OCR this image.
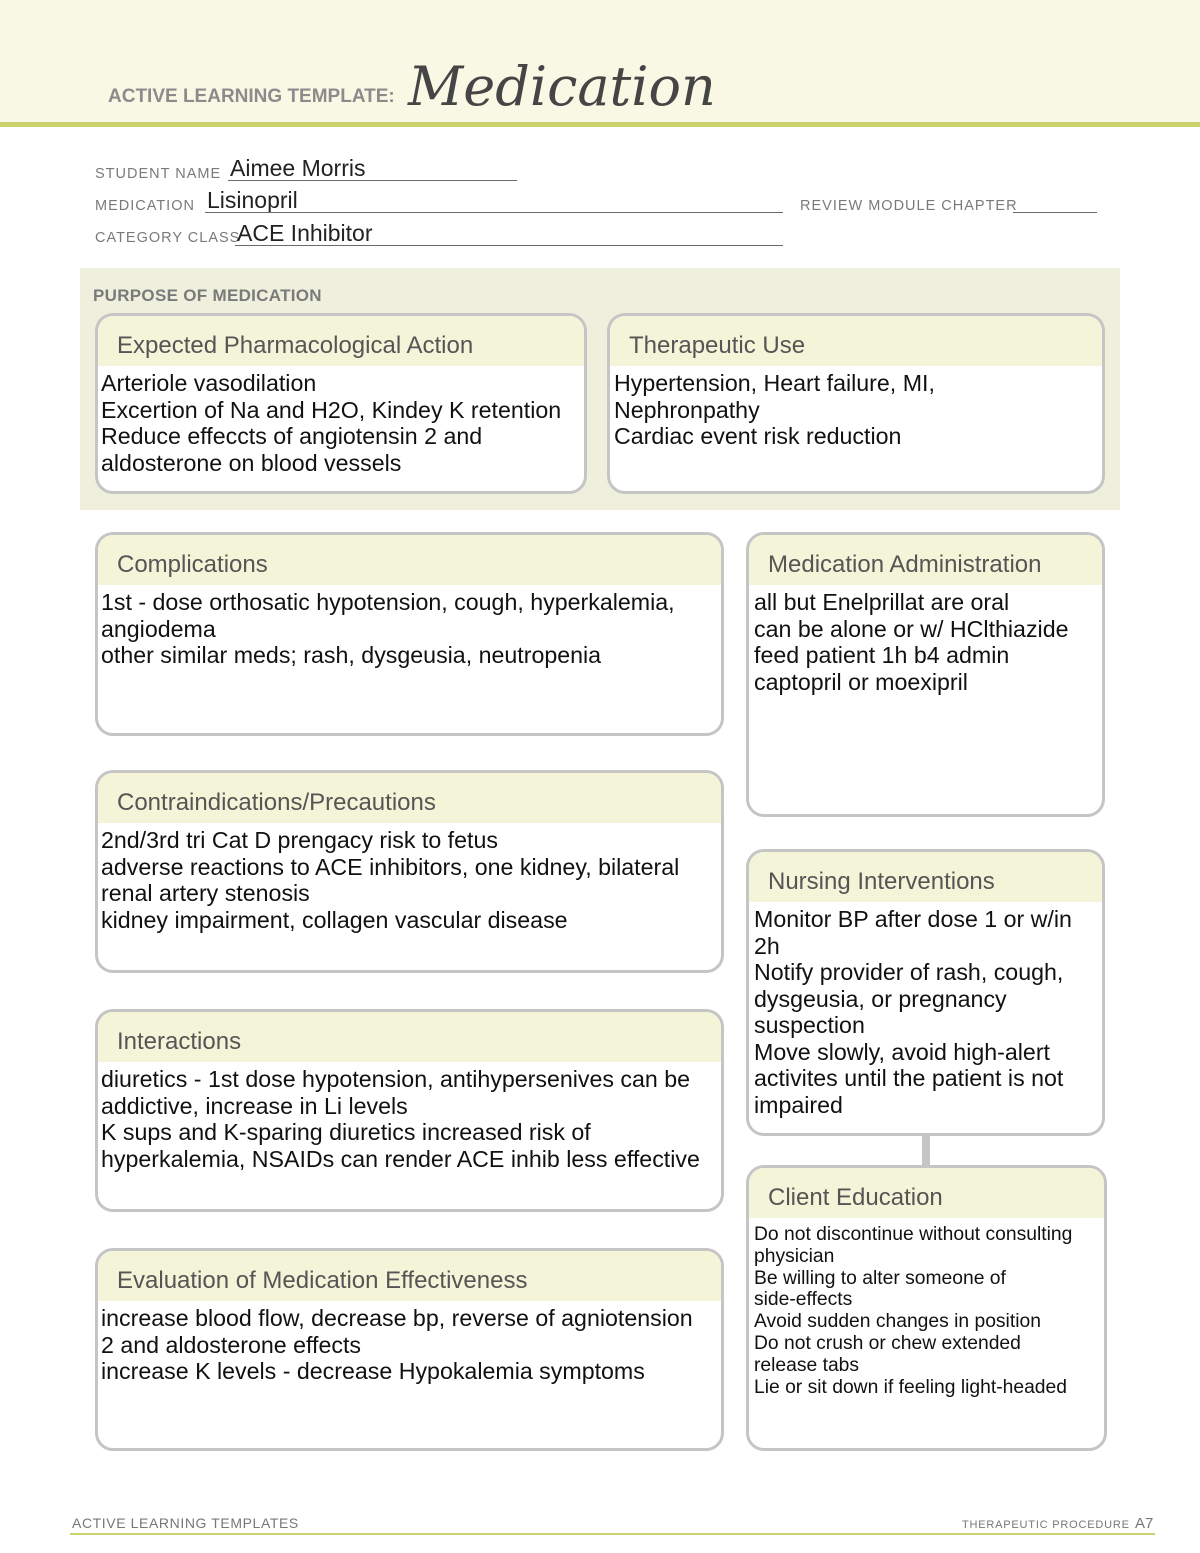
ACTIVE LEARNING TEMPLATE: Medication
STUDENT NAME Aimee Morris
MEDICATION Lisinopril	REVIEW MODULE CHAPTER
CATEGORY CLASS
ACE Inhibitor
PURPOSE OF MEDICATION
Expected Pharmacological Action
Arteriole vasodilation
Excertion of Na and H2O, Kindey K retention
Reduce effeccts of angiotensin 2 and
aldosterone on blood vessels
Therapeutic Use
Hypertension, Heart failure, MI,
Nephronpathy
Cardiac event risk reduction
Complications
1st - dose orthosatic hypotension, cough, hyperkalemia,
angiodema
other similar meds; rash, dysgeusia, neutropenia
Medication Administration
all but Enelprillat are oral
can be alone or w/ HClthiazide
feed patient 1h b4 admin
captopril or moexipril
Contraindications/Precautions
2nd/3rd tri Cat D prengacy risk to fetus
adverse reactions to ACE inhibitors, one kidney, bilateral
renal artery stenosis
kidney impairment, collagen vascular disease
Nursing Interventions
Monitor BP after dose 1 or w/in
2h
Notify provider of rash, cough,
dysgeusia, or pregnancy
suspection
Move slowly, avoid high-alert
activites until the patient is not
impaired
Interactions
diuretics - 1st dose hypotension, antihypersenives can be
addictive, increase in Li levels
K sups and K-sparing diuretics increased risk of
hyperkalemia, NSAIDs can render ACE inhib less effective
Client Education
Do not discontinue without consulting
physician
Be willing to alter someone of
side-effects
Avoid sudden changes in position
Do not crush or chew extended
release tabs
Lie or sit down if feeling light-headed
Evaluation of Medication Effectiveness
increase blood flow, decrease bp, reverse of agniotension
2 and aldosterone effects
increase K levels - decrease Hypokalemia symptoms
ACTIVE LEARNING TEMPLATES	THERAPEUTIC PROCEDURE A7
